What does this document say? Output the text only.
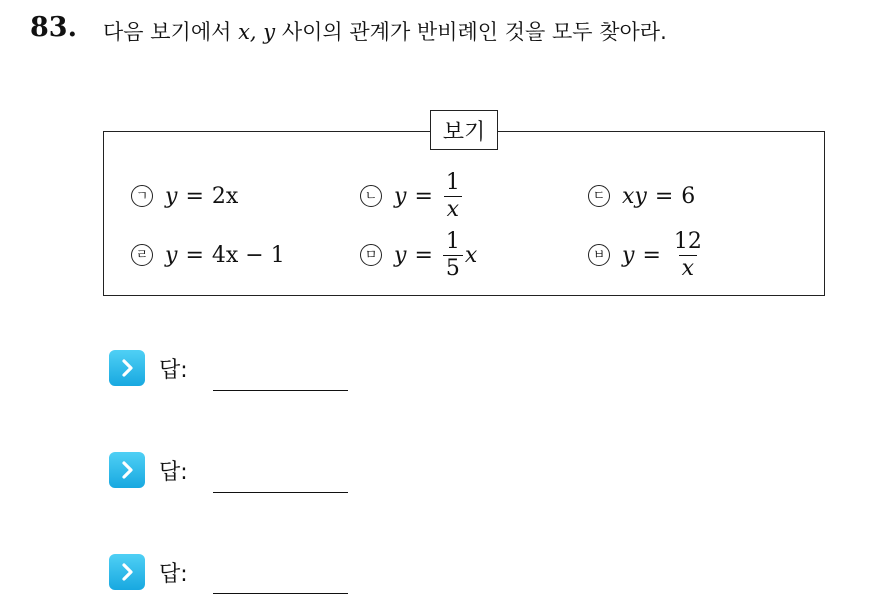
83. 다음 보기에서 x, y 사이의 관계가 반비례인 것을 모두 찾아라.
보기
ㄱ y = 2x	ㄴ $y = \frac{1}{x}$	ㄷ xy = 6
ㄹ y = 4x − 1	ㅁ $y = \frac{1}{5}$ x	ㅂ $y = \frac{12}{x}$
답:
답:
답:
